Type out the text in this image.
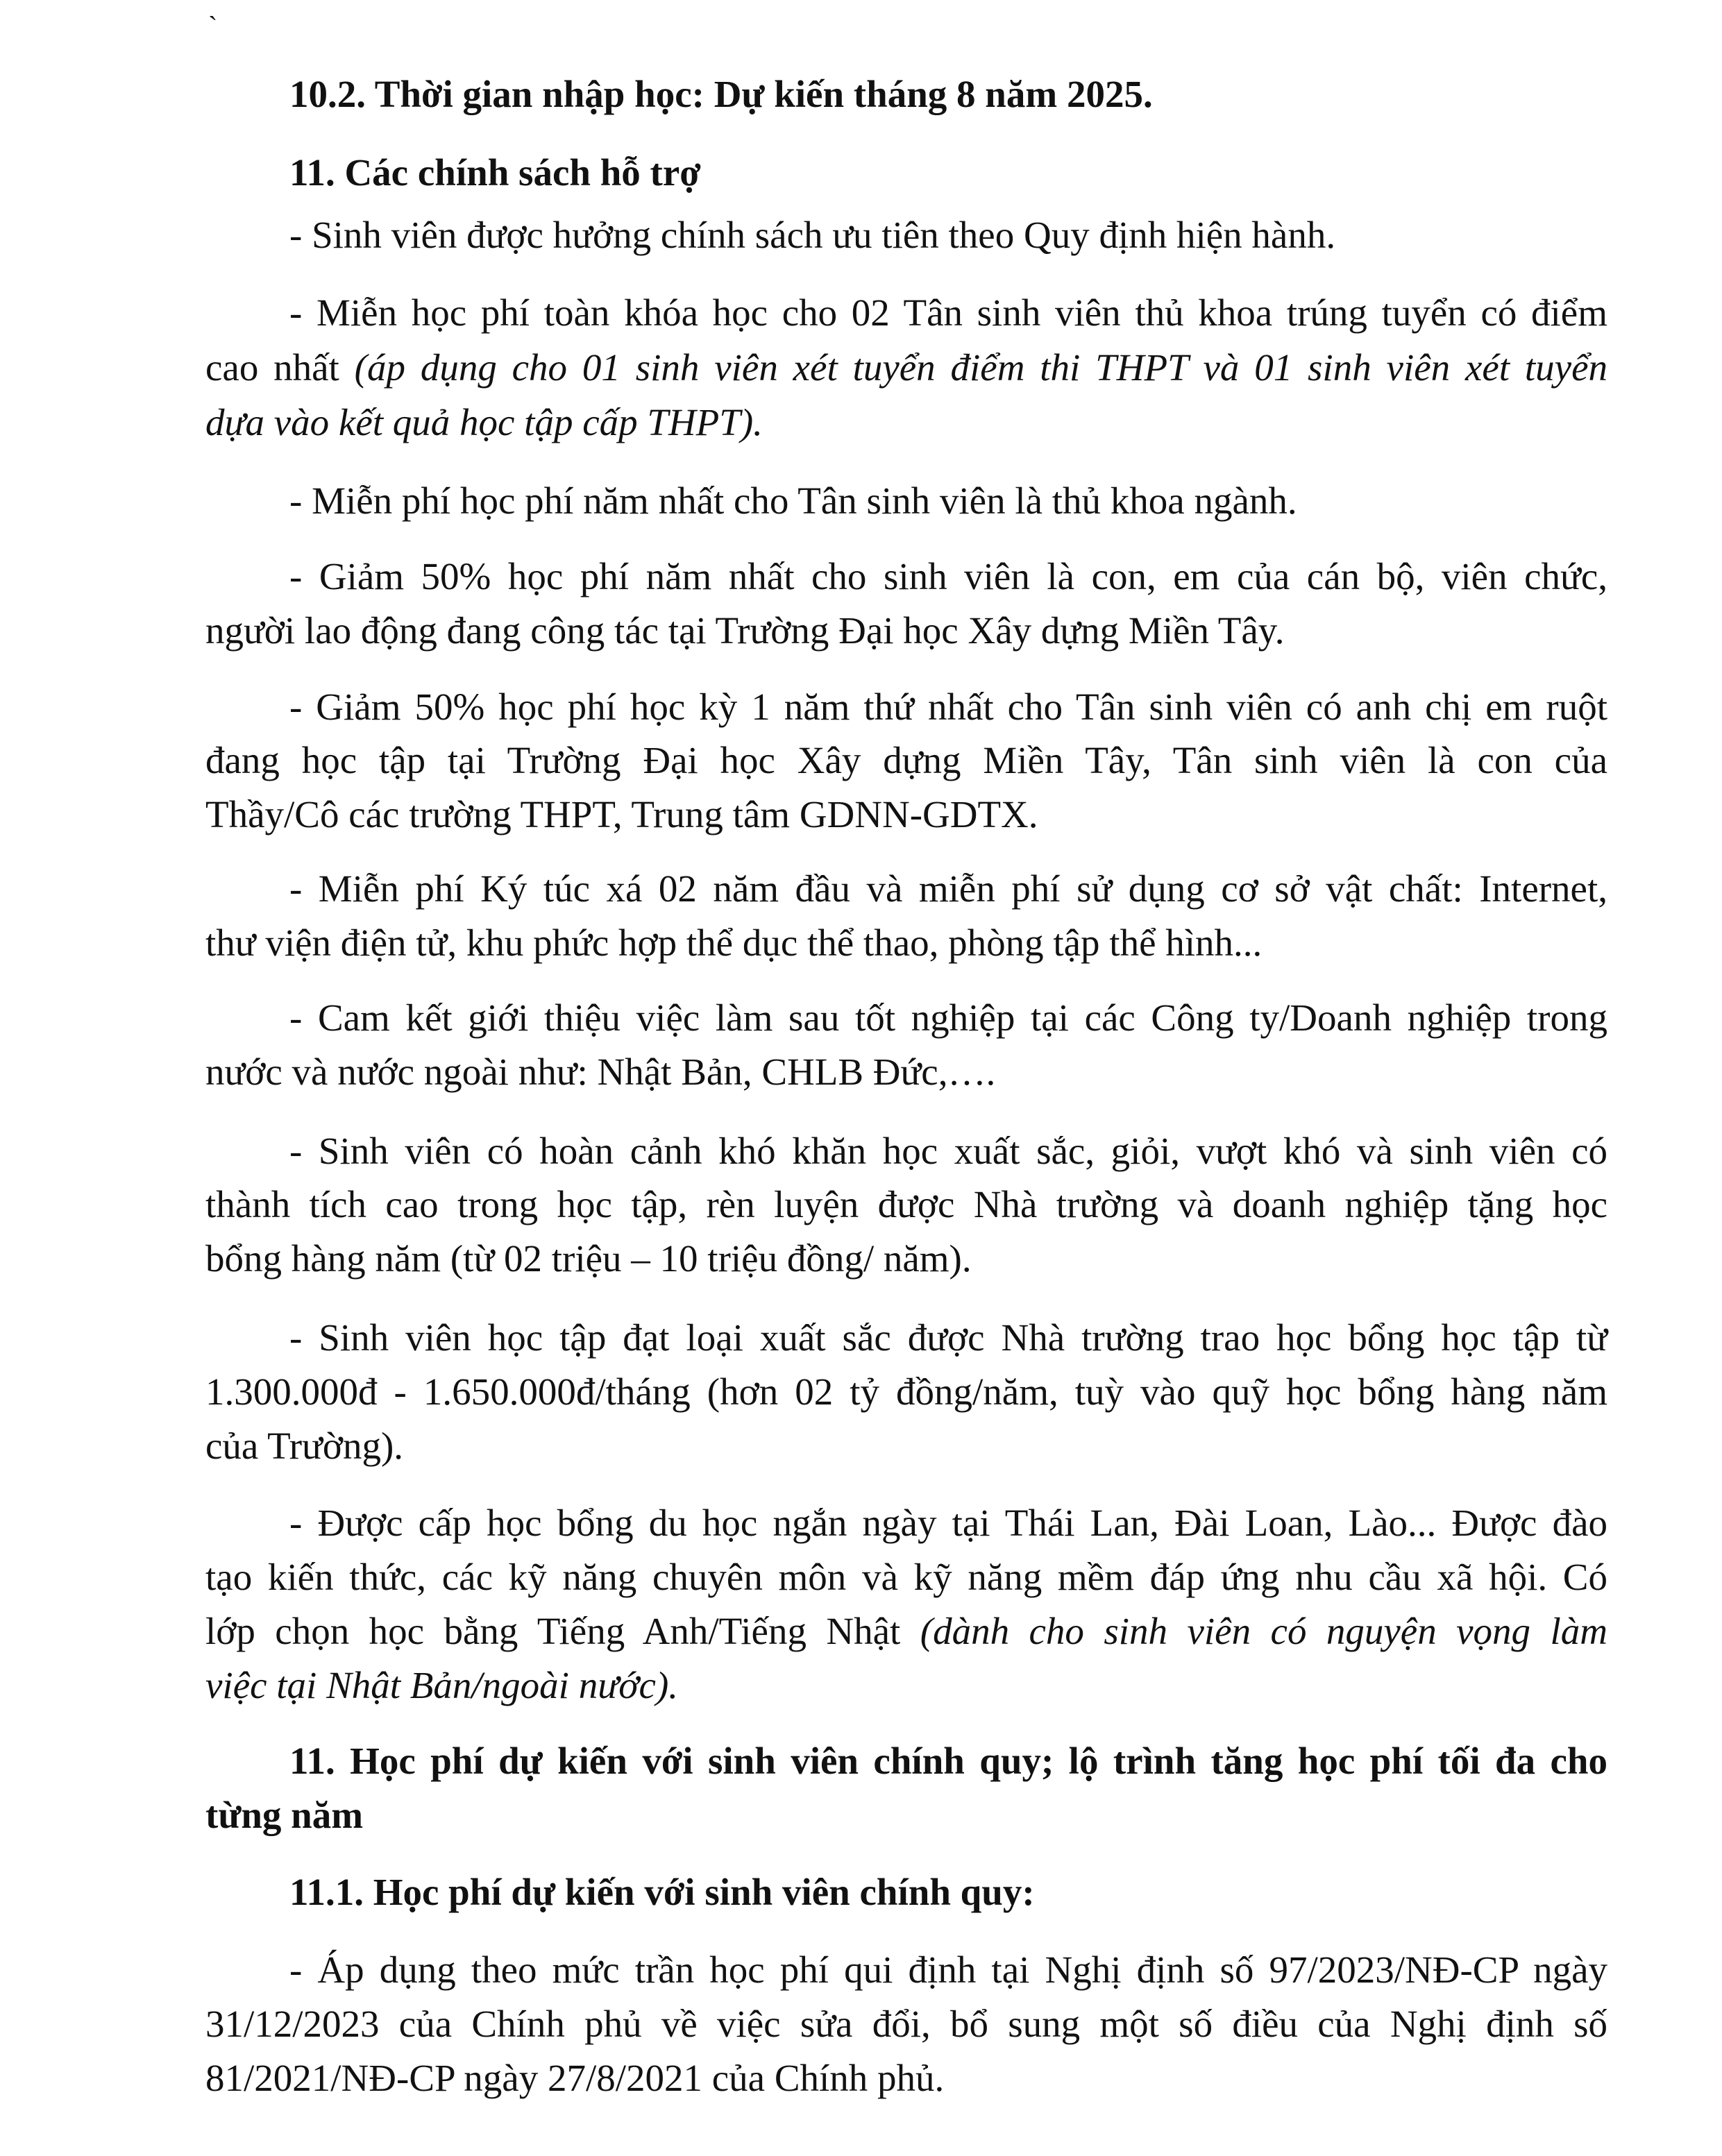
`
10.2. Thời gian nhập học: Dự kiến tháng 8 năm 2025.
11. Các chính sách hỗ trợ
- Sinh viên được hưởng chính sách ưu tiên theo Quy định hiện hành.
- Miễn học phí toàn khóa học cho 02 Tân sinh viên thủ khoa trúng tuyển có điểm
cao nhất (áp dụng cho 01 sinh viên xét tuyển điểm thi THPT và 01 sinh viên xét tuyển
dựa vào kết quả học tập cấp THPT).
- Miễn phí học phí năm nhất cho Tân sinh viên là thủ khoa ngành.
- Giảm 50% học phí năm nhất cho sinh viên là con, em của cán bộ, viên chức,
người lao động đang công tác tại Trường Đại học Xây dựng Miền Tây.
- Giảm 50% học phí học kỳ 1 năm thứ nhất cho Tân sinh viên có anh chị em ruột
đang học tập tại Trường Đại học Xây dựng Miền Tây, Tân sinh viên là con của
Thầy/Cô các trường THPT, Trung tâm GDNN-GDTX.
- Miễn phí Ký túc xá 02 năm đầu và miễn phí sử dụng cơ sở vật chất: Internet,
thư viện điện tử, khu phức hợp thể dục thể thao, phòng tập thể hình...
- Cam kết giới thiệu việc làm sau tốt nghiệp tại các Công ty/Doanh nghiệp trong
nước và nước ngoài như: Nhật Bản, CHLB Đức,….
- Sinh viên có hoàn cảnh khó khăn học xuất sắc, giỏi, vượt khó và sinh viên có
thành tích cao trong học tập, rèn luyện được Nhà trường và doanh nghiệp tặng học
bổng hàng năm (từ 02 triệu – 10 triệu đồng/ năm).
- Sinh viên học tập đạt loại xuất sắc được Nhà trường trao học bổng học tập từ
1.300.000đ - 1.650.000đ/tháng (hơn 02 tỷ đồng/năm, tuỳ vào quỹ học bổng hàng năm
của Trường).
- Được cấp học bổng du học ngắn ngày tại Thái Lan, Đài Loan, Lào... Được đào
tạo kiến thức, các kỹ năng chuyên môn và kỹ năng mềm đáp ứng nhu cầu xã hội. Có
lớp chọn học bằng Tiếng Anh/Tiếng Nhật (dành cho sinh viên có nguyện vọng làm
việc tại Nhật Bản/ngoài nước).
11. Học phí dự kiến với sinh viên chính quy; lộ trình tăng học phí tối đa cho
từng năm
11.1. Học phí dự kiến với sinh viên chính quy:
- Áp dụng theo mức trần học phí qui định tại Nghị định số 97/2023/NĐ-CP ngày
31/12/2023 của Chính phủ về việc sửa đổi, bổ sung một số điều của Nghị định số
81/2021/NĐ-CP ngày 27/8/2021 của Chính phủ.
